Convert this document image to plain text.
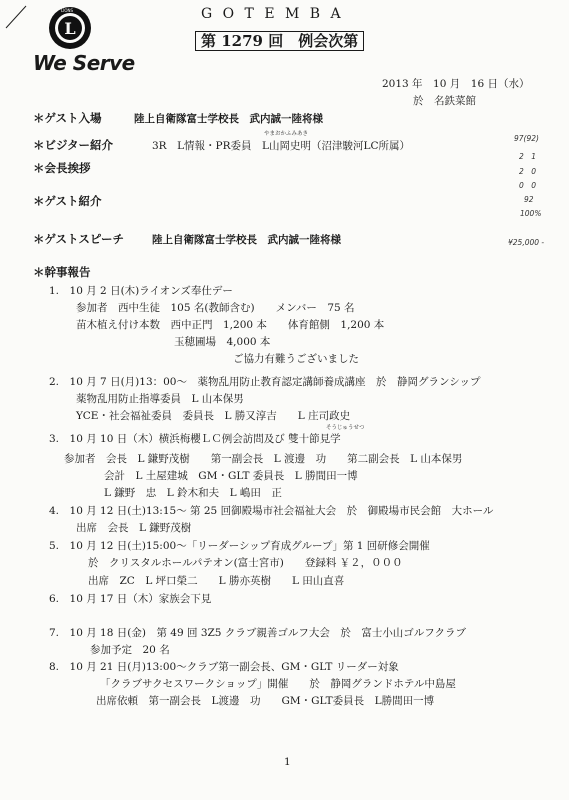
L
LIONS
We Serve
G O T E M B A
第 1279 回　例会次第
2013 年　10 月　16 日（水）
於　名鉄菜館
＊ゲスト入場	陸上自衛隊富士学校長　武内誠一陸将様
＊ビジター紹介
やまおかふみあき
3R　L情報・PR委員　L山岡史明（沼津駿河LC所属）
＊会長挨拶
＊ゲスト紹介
＊ゲストスピーチ	陸上自衛隊富士学校長　武内誠一陸将様
＊幹事報告
97(92)
2　1
2　0
0　0
92
100%
¥25,000 -
1.　10 月 2 日(木)ライオンズ奉仕デー
参加者　西中生徒　105 名(教師含む)　　メンバー　75 名
苗木植え付け本数　西中正門　1,200 本　　体育館側　1,200 本
玉穂圃場　4,000 本
ご協力有難うございました
2.　10 月 7 日(月)13：00～　薬物乱用防止教育認定講師養成講座　於　静岡グランシップ
薬物乱用防止指導委員　L 山本保男
YCE・社会福祉委員　委員長　L 勝又淳吉　　L 庄司政史
そうじゅうせつ
3.　10 月 10 日（木）横浜梅櫻ＬＣ例会訪問及び 雙十節見学
参加者　会長　L 鎌野茂樹　　第一副会長　L 渡邊　功　　第二副会長　L 山本保男
会計　L 土屋建城　GM・GLT 委員長　L 勝間田一博
L 鎌野　忠　L 鈴木和夫　L 嶋田　正
4.　10 月 12 日(土)13:15～ 第 25 回御殿場市社会福祉大会　於　御殿場市民会館　大ホール
出席　会長　L 鎌野茂樹
5.　10 月 12 日(土)15:00～「リーダーシップ育成グループ」第 1 回研修会開催
於　クリスタルホールパテオン(富士宮市)　　登録料 ￥２，０００
出席　ZC　L 坪口榮二　　L 勝亦英樹　　L 田山直喜
6.　10 月 17 日（木）家族会下見
7.　10 月 18 日(金)　第 49 回 3Z5 クラブ親善ゴルフ大会　於　富士小山ゴルフクラブ
参加予定　20 名
8.　10 月 21 日(月)13:00～クラブ第一副会長、GM・GLT リーダー対象
「クラブサクセスワークショップ」開催　　於　静岡グランドホテル中島屋
出席依頼　第一副会長　L渡邊　功　　GM・GLT委員長　L勝間田一博
1
